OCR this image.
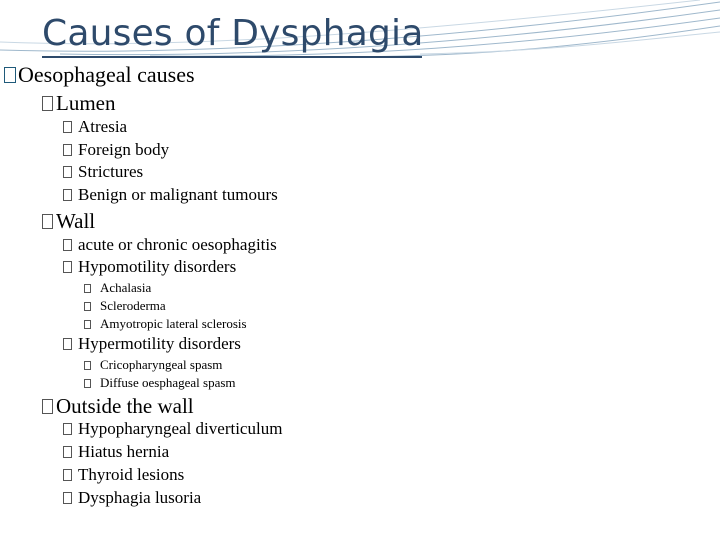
Causes of Dysphagia
Oesophageal causes
Lumen
Atresia
Foreign body
Strictures
Benign or malignant tumours
Wall
acute or chronic oesophagitis
Hypomotility disorders
Achalasia
Scleroderma
Amyotropic lateral sclerosis
Hypermotility disorders
Cricopharyngeal spasm
Diffuse oesphageal spasm
Outside the wall
Hypopharyngeal diverticulum
Hiatus hernia
Thyroid lesions
Dysphagia lusoria
